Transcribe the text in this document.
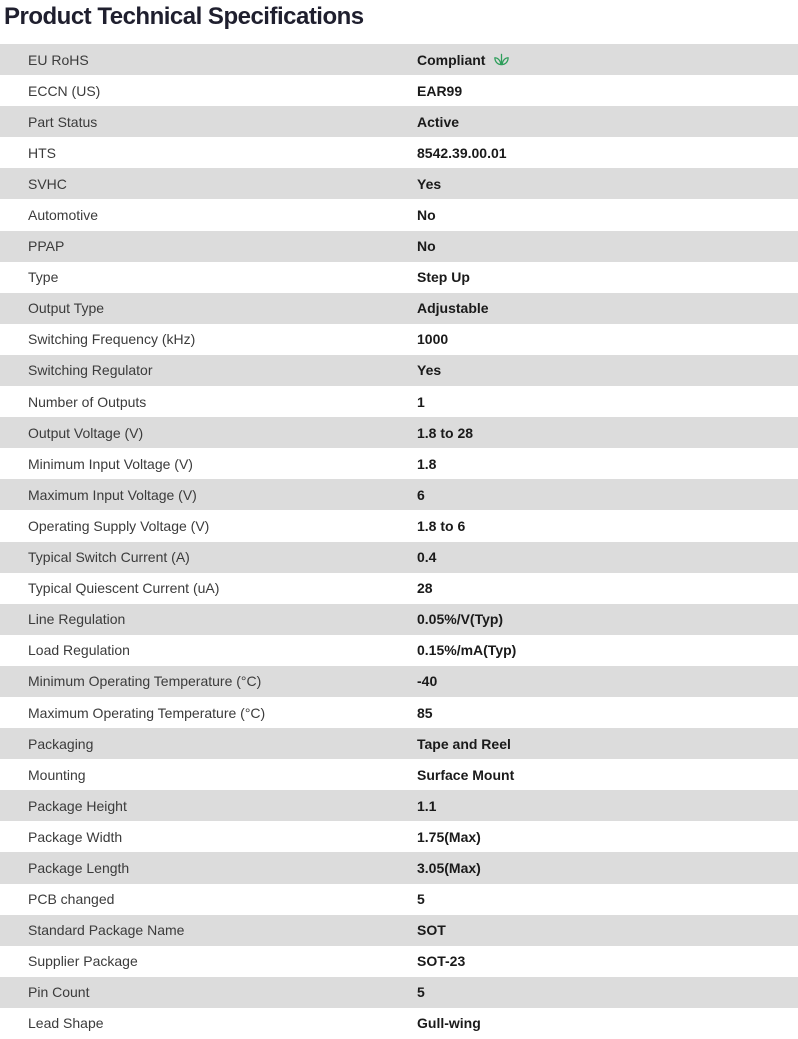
Product Technical Specifications
EU RoHS	Compliant
ECCN (US)	EAR99
Part Status	Active
HTS	8542.39.00.01
SVHC	Yes
Automotive	No
PPAP	No
Type	Step Up
Output Type	Adjustable
Switching Frequency (kHz)	1000
Switching Regulator	Yes
Number of Outputs	1
Output Voltage (V)	1.8 to 28
Minimum Input Voltage (V)	1.8
Maximum Input Voltage (V)	6
Operating Supply Voltage (V)	1.8 to 6
Typical Switch Current (A)	0.4
Typical Quiescent Current (uA)	28
Line Regulation	0.05%/V(Typ)
Load Regulation	0.15%/mA(Typ)
Minimum Operating Temperature (°C)	-40
Maximum Operating Temperature (°C)	85
Packaging	Tape and Reel
Mounting	Surface Mount
Package Height	1.1
Package Width	1.75(Max)
Package Length	3.05(Max)
PCB changed	5
Standard Package Name	SOT
Supplier Package	SOT-23
Pin Count	5
Lead Shape	Gull-wing
